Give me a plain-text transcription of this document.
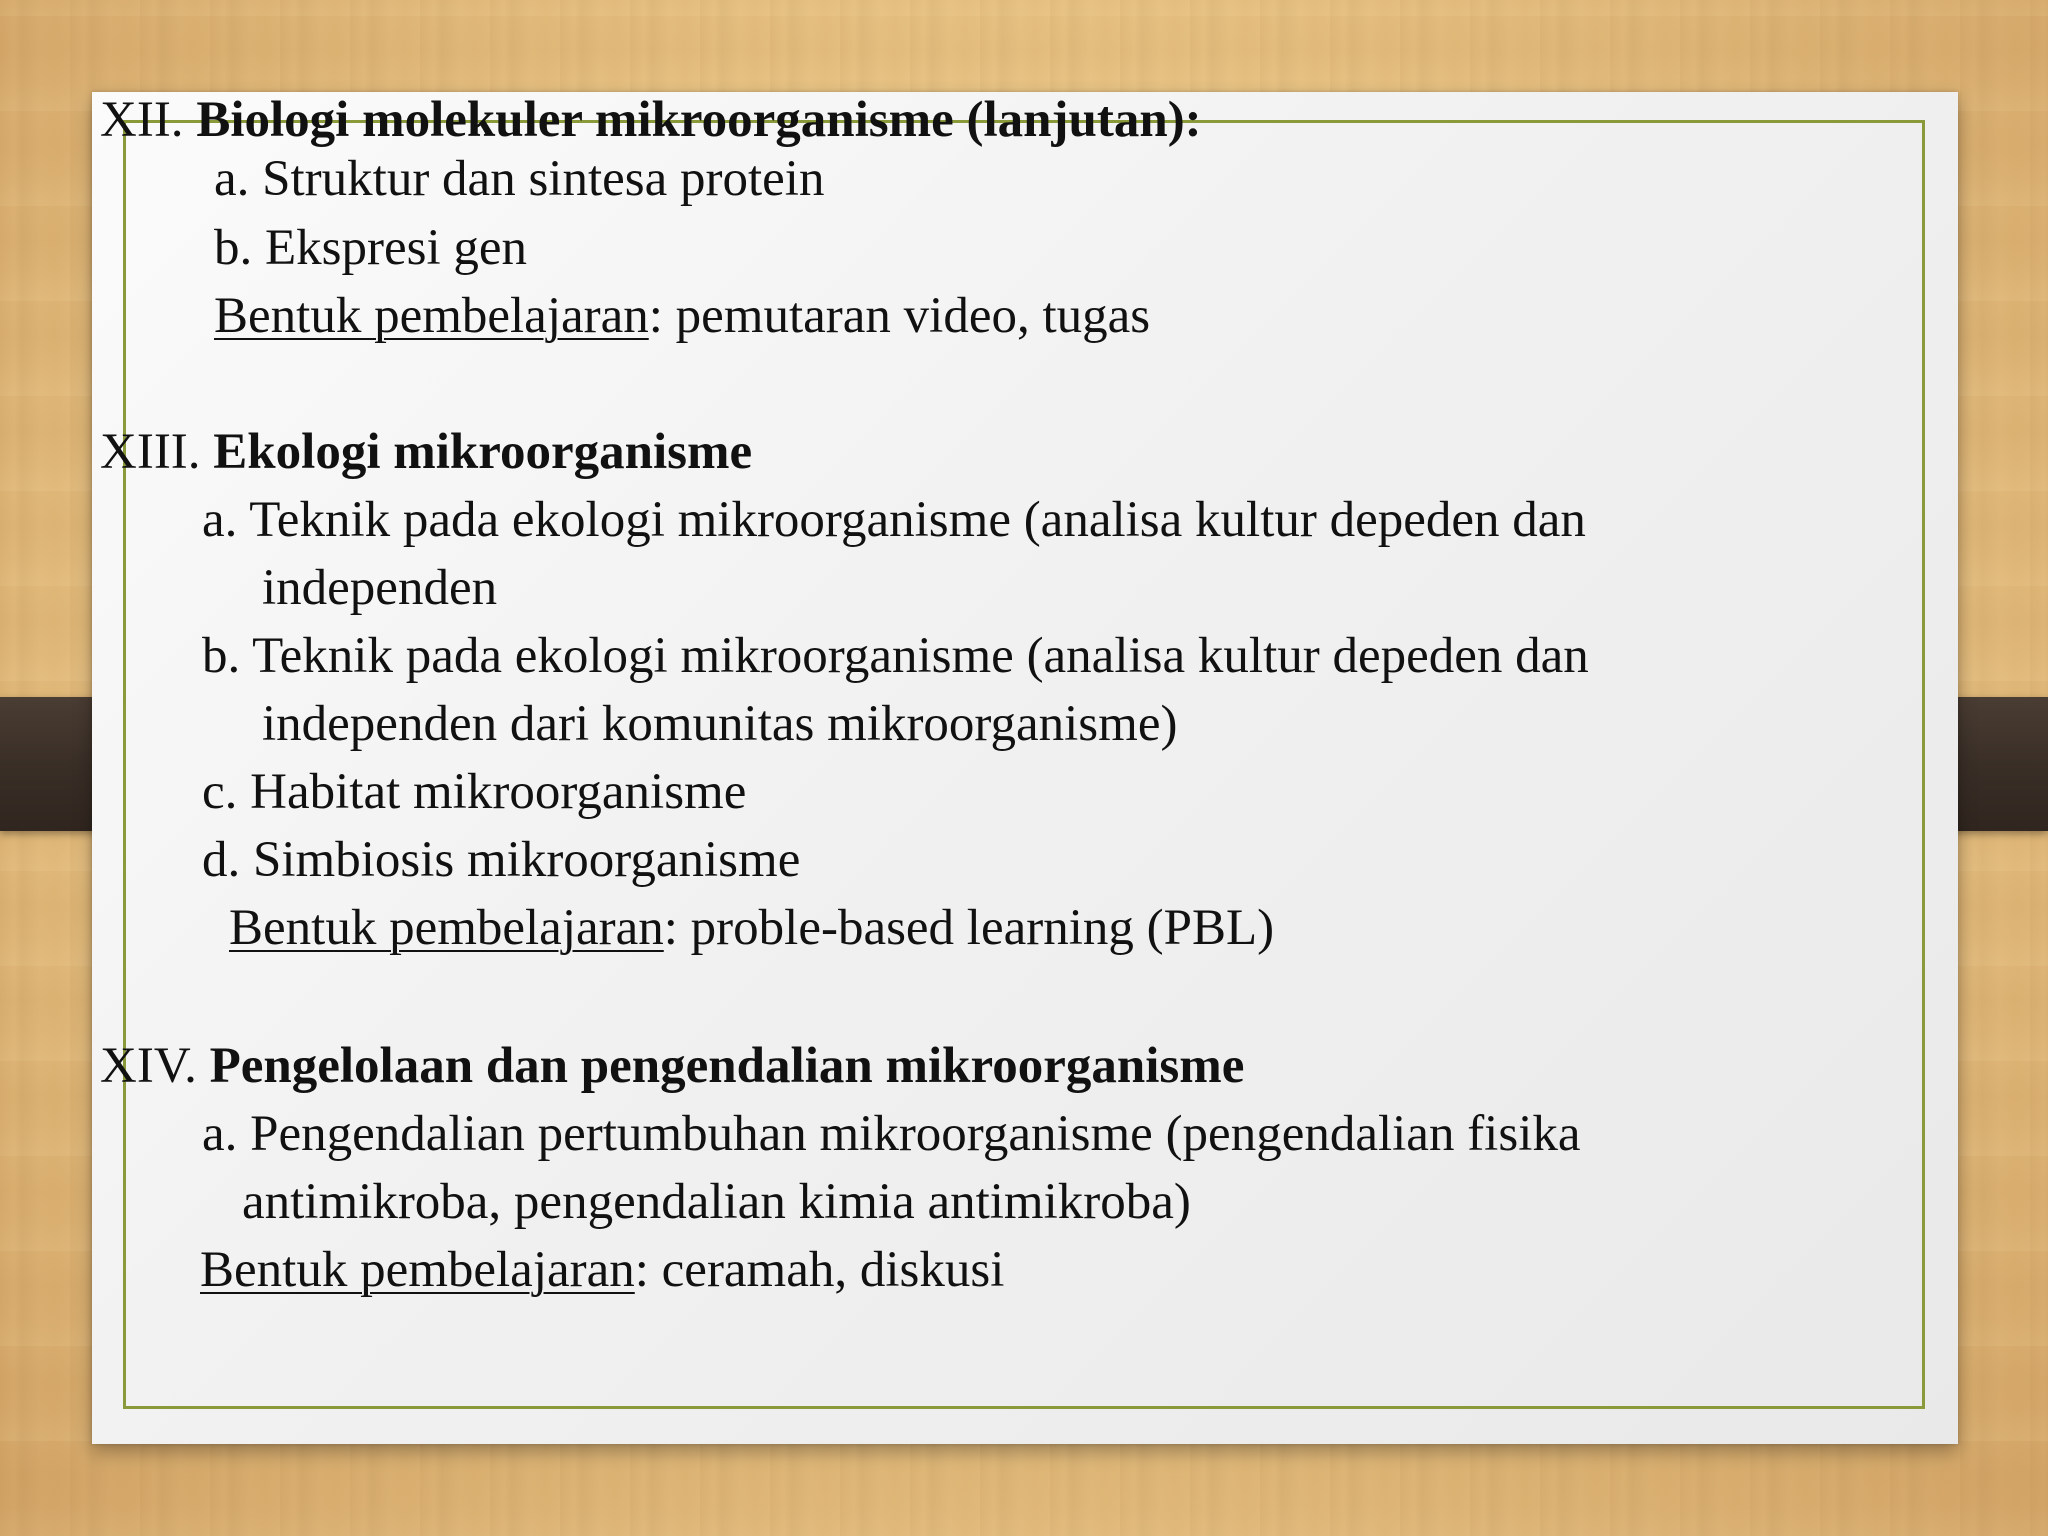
XII. Biologi molekuler mikroorganisme (lanjutan):
a. Struktur dan sintesa protein
b. Ekspresi gen
Bentuk pembelajaran: pemutaran video, tugas
XIII. Ekologi mikroorganisme
a. Teknik pada ekologi mikroorganisme (analisa kultur depeden dan
independen
b. Teknik pada ekologi mikroorganisme (analisa kultur depeden dan
independen dari komunitas mikroorganisme)
c. Habitat mikroorganisme
d. Simbiosis mikroorganisme
Bentuk pembelajaran: proble-based learning (PBL)
XIV. Pengelolaan dan pengendalian mikroorganisme
a. Pengendalian pertumbuhan mikroorganisme (pengendalian fisika
antimikroba, pengendalian kimia antimikroba)
Bentuk pembelajaran: ceramah, diskusi
